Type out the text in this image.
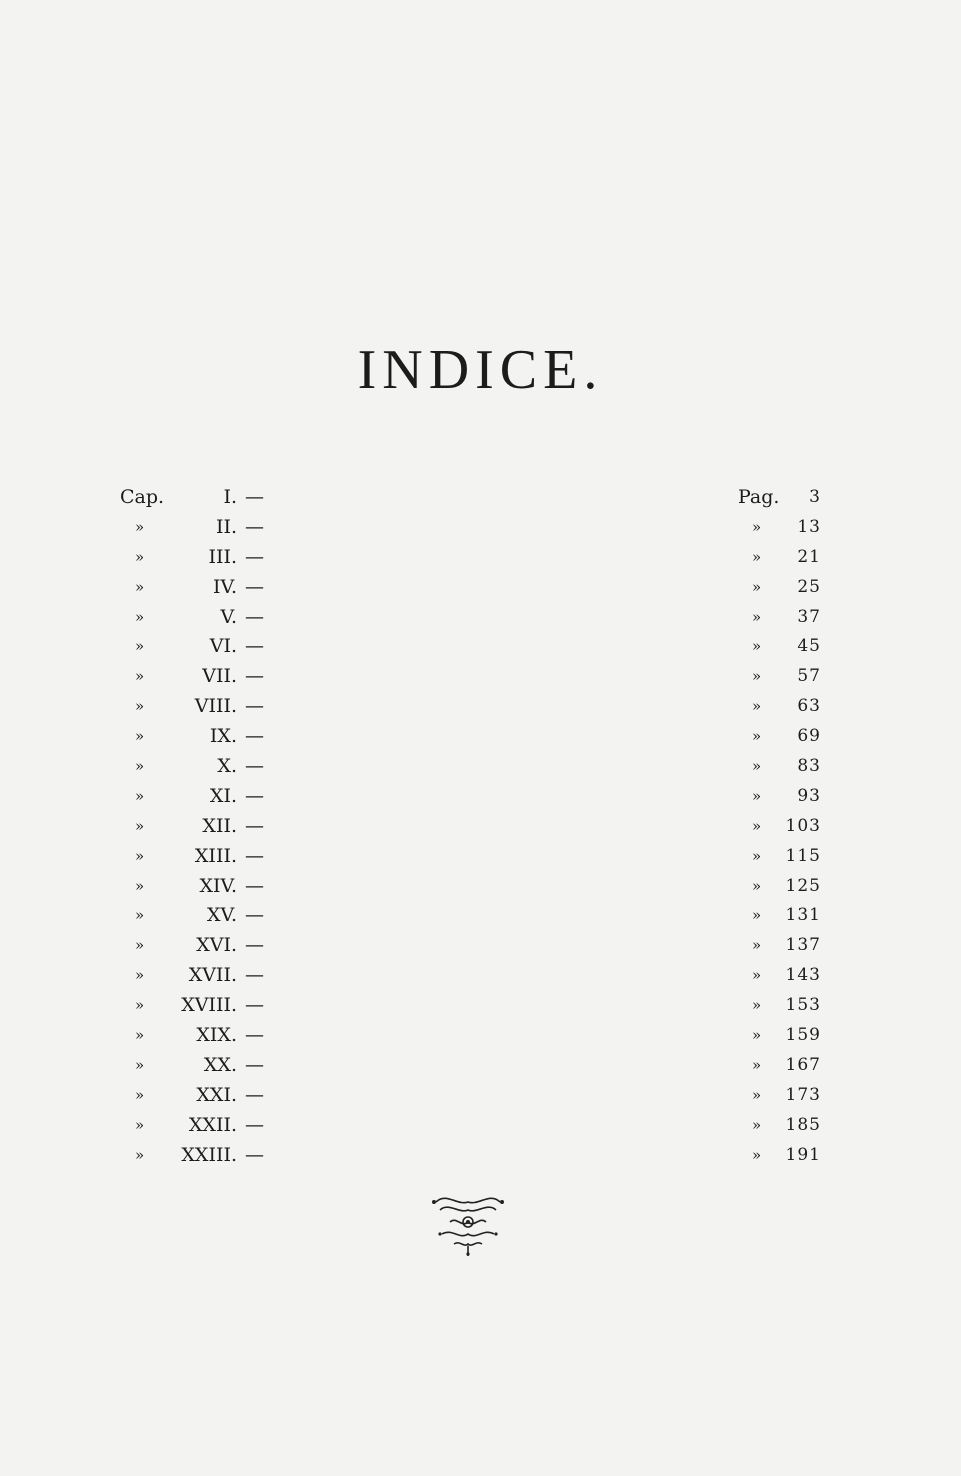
INDICE.
Cap.	I. —	Pag. 3
»	II. —	» 13
»	III. —	» 21
»	IV. —	» 25
»	V. —	» 37
»	VI. —	» 45
»	VII. —	» 57
»	VIII. —	» 63
»	IX. —	» 69
»	X. —	» 83
»	XI. —	» 93
»	XII. —	» 103
»	XIII. —	» 115
»	XIV. —	» 125
»	XV. —	» 131
»	XVI. —	» 137
» XVII. —	» 143
» XVIII. —	» 153
»	XIX. —	» 159
»	XX. —	» 167
»	XXI. —	» 173
» XXII. —	» 185
» XXIII. —	» 191
